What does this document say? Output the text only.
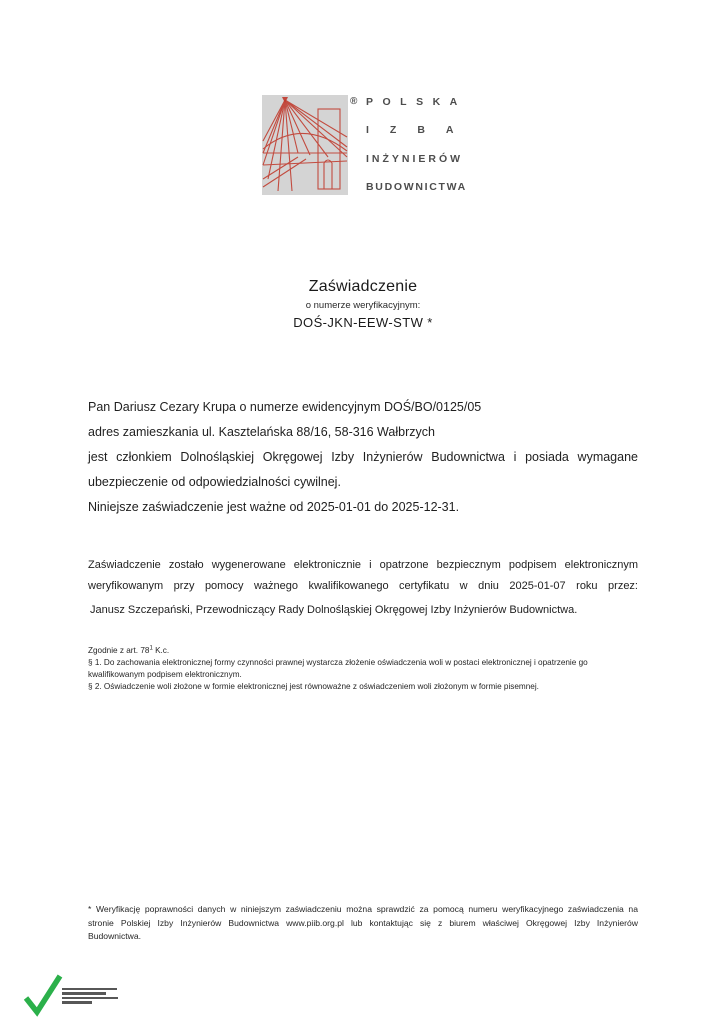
® POLSKA
IZBA
INŻYNIERÓW
BUDOWNICTWA
Zaświadczenie
o numerze weryfikacyjnym:
DOŚ-JKN-EEW-STW *
Pan Dariusz Cezary Krupa o numerze ewidencyjnym DOŚ/BO/0125/05
adres zamieszkania ul. Kasztelańska 88/16, 58-316 Wałbrzych
jest członkiem Dolnośląskiej Okręgowej Izby Inżynierów Budownictwa i posiada wymagane
ubezpieczenie od odpowiedzialności cywilnej.
Niniejsze zaświadczenie jest ważne od 2025-01-01 do 2025-12-31.
Zaświadczenie zostało wygenerowane elektronicznie i opatrzone bezpiecznym podpisem elektronicznym
weryfikowanym przy pomocy ważnego kwalifikowanego certyfikatu w dniu 2025-01-07 roku przez:
Janusz Szczepański, Przewodniczący Rady Dolnośląskiej Okręgowej Izby Inżynierów Budownictwa.
Zgodnie z art. $78^1$ K.c.
§ 1. Do zachowania elektronicznej formy czynności prawnej wystarcza złożenie oświadczenia woli w postaci elektronicznej i opatrzenie go
kwalifikowanym podpisem elektronicznym.
§ 2. Oświadczenie woli złożone w formie elektronicznej jest równoważne z oświadczeniem woli złożonym w formie pisemnej.
* Weryfikację poprawności danych w niniejszym zaświadczeniu można sprawdzić za pomocą numeru weryfikacyjnego zaświadczenia na
stronie Polskiej Izby Inżynierów Budownictwa www.piib.org.pl lub kontaktując się z biurem właściwej Okręgowej Izby Inżynierów
Budownictwa.
